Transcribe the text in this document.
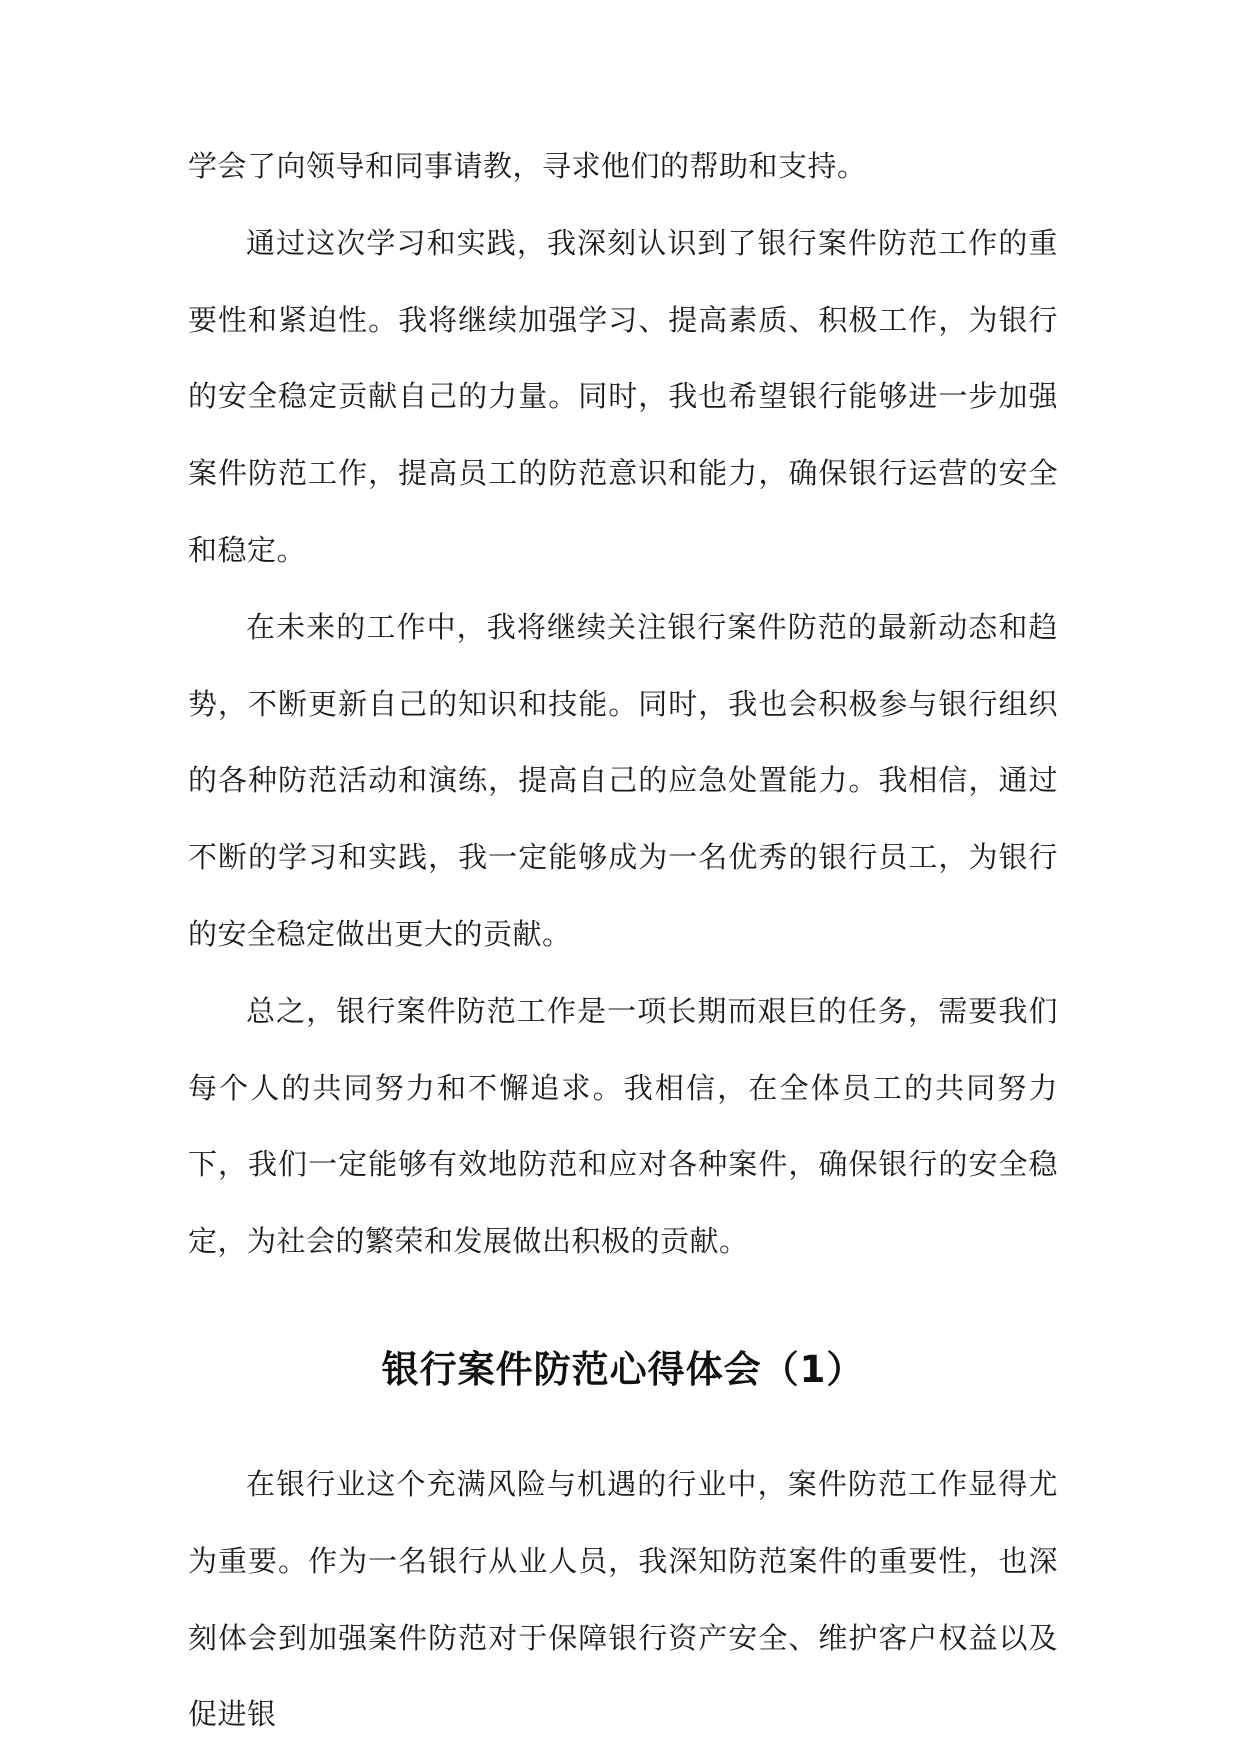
学会了向领导和同事请教，寻求他们的帮助和支持。

通过这次学习和实践，我深刻认识到了银行案件防范工作的重要性和紧迫性。我将继续加强学习、提高素质、积极工作，为银行的安全稳定贡献自己的力量。同时，我也希望银行能够进一步加强案件防范工作，提高员工的防范意识和能力，确保银行运营的安全和稳定。

在未来的工作中，我将继续关注银行案件防范的最新动态和趋势，不断更新自己的知识和技能。同时，我也会积极参与银行组织的各种防范活动和演练，提高自己的应急处置能力。我相信，通过不断的学习和实践，我一定能够成为一名优秀的银行员工，为银行的安全稳定做出更大的贡献。

总之，银行案件防范工作是一项长期而艰巨的任务，需要我们每个人的共同努力和不懈追求。我相信，在全体员工的共同努力下，我们一定能够有效地防范和应对各种案件，确保银行的安全稳定，为社会的繁荣和发展做出积极的贡献。

银行案件防范心得体会（1）

在银行业这个充满风险与机遇的行业中，案件防范工作显得尤为重要。作为一名银行从业人员，我深知防范案件的重要性，也深刻体会到加强案件防范对于保障银行资产安全、维护客户权益以及促进银
